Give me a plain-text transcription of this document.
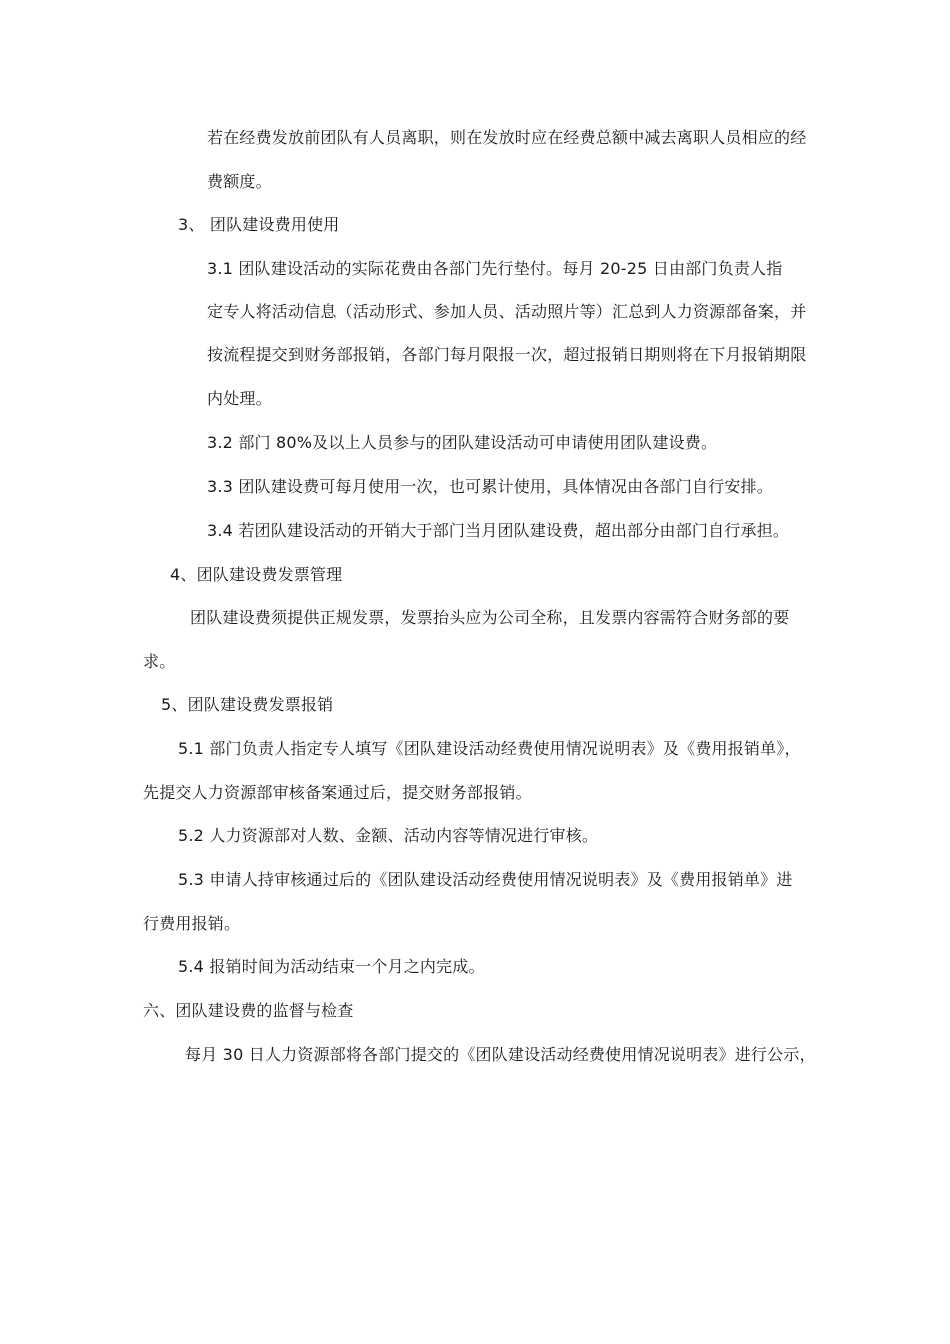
若在经费发放前团队有人员离职，则在发放时应在经费总额中减去离职人员相应的 经
费额度。
3、 团队建设费用使用
3.1 团队建设活动的实际花费由各部门先行垫付。每月 20-25 日由部门负责人指
定专人将活动信息（活动形式、参加人员、活动照片等）汇总到人力资源部备案，并
按流程提交到财务部报销，各部门每月限报一次，超过报销日期则将在下月报销期 限
内处理。
3.2 部门 80%及以上人员参与的团队建设活动可申请使用团队建设费。
3.3 团队建设费可每月使用一次，也可累计使用，具体情况由各部门自行安排。
3.4 若团队建设活动的开销大于部门当月团队建设费，超出部分由部门自行承担。
4、团队建设费发票管理
团队建设费须提供正规发票，发票抬头应为公司全称，且发票内容需符合财务部的要
求。
5、团队建设费发票报销
5.1 部门负责人指定专人填写《团队建设活动经费使用情况说明表》及《费用报销单》，
先提交人力资源部审核备案通过后，提交财务部报销。
5.2 人力资源部对人数、金额、活动内容等情况进行审核。
5.3 申请人持审核通过后的《团队建设活动经费使用情况说明表》及《费用报销单》进
行费用报销。
5.4 报销时间为活动结束一个月之内完成。
六、团队建设费的监督与检查
每月 30 日人力资源部将各部门提交的《团队建设活动经费使用情况说明表》进行公示，
